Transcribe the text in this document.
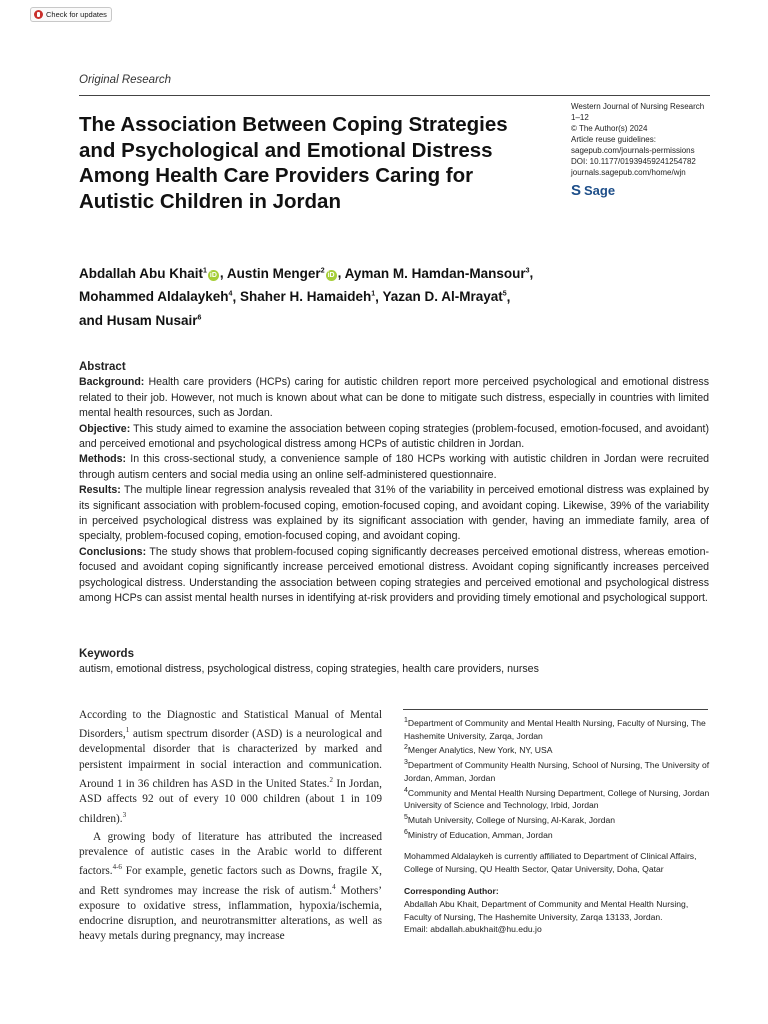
Check for updates
Original Research
The Association Between Coping Strategies and Psychological and Emotional Distress Among Health Care Providers Caring for Autistic Children in Jordan
Western Journal of Nursing Research
1–12
© The Author(s) 2024
Article reuse guidelines:
sagepub.com/journals-permissions
DOI: 10.1177/01939459241254782
journals.sagepub.com/home/wjn
S Sage
Abdallah Abu Khait$^1$iD , Austin Menger$^2$iD , Ayman M. Hamdan-Mansour$^3$,
Mohammed Aldalaykeh$^4$, Shaher H. Hamaideh$^1$, Yazan D. Al-Mrayat$^5$,
and Husam Nusair$^6$
Abstract

Background: Health care providers (HCPs) caring for autistic children report more perceived psychological and emotional distress related to their job. However, not much is known about what can be done to mitigate such distress, especially in countries with limited mental health resources, such as Jordan.

Objective: This study aimed to examine the association between coping strategies (problem-focused, emotion-focused, and avoidant) and perceived emotional and psychological distress among HCPs of autistic children in Jordan.

Methods: In this cross-sectional study, a convenience sample of 180 HCPs working with autistic children in Jordan were recruited through autism centers and social media using an online self-administered questionnaire.

Results: The multiple linear regression analysis revealed that 31% of the variability in perceived emotional distress was explained by its significant association with problem-focused coping, emotion-focused coping, and avoidant coping. Likewise, 39% of the variability in perceived psychological distress was explained by its significant association with gender, having an immediate family, area of specialty, problem-focused coping, emotion-focused coping, and avoidant coping.

Conclusions: The study shows that problem-focused coping significantly decreases perceived emotional distress, whereas emotion-focused and avoidant coping significantly increase perceived emotional distress. Avoidant coping significantly increases perceived psychological distress. Understanding the association between coping strategies and perceived emotional and psychological distress among HCPs can assist mental health nurses in identifying at-risk providers and providing timely emotional and psychological support.

Keywords
autism, emotional distress, psychological distress, coping strategies, health care providers, nurses

According to the Diagnostic and Statistical Manual of Mental Disorders,$^1$ autism spectrum disorder (ASD) is a neurological and developmental disorder that is characterized by marked and persistent impairment in social interaction and communication. Around 1 in 36 children has ASD in the United States.$^2$ In Jordan, ASD affects 92 out of every 10 000 children (about 1 in 109 children).$^3$

A growing body of literature has attributed the increased prevalence of autistic cases in the Arabic world to different factors.$^{4-6}$ For example, genetic factors such as Downs, fragile X, and Rett syndromes may increase the risk of autism.$^4$ Mothers’ exposure to oxidative stress, inflammation, hypoxia/ischemia, endocrine disruption, and neurotransmitter alterations, as well as heavy metals during pregnancy, may increase

$^1$Department of Community and Mental Health Nursing, Faculty of Nursing, The Hashemite University, Zarqa, Jordan

$^2$Menger Analytics, New York, NY, USA

$^3$Department of Community Health Nursing, School of Nursing, The University of Jordan, Amman, Jordan

$^4$Community and Mental Health Nursing Department, College of Nursing, Jordan University of Science and Technology, Irbid, Jordan

$^5$Mutah University, College of Nursing, Al-Karak, Jordan

$^6$Ministry of Education, Amman, Jordan

Mohammed Aldalaykeh is currently affiliated to Department of Clinical Affairs, College of Nursing, QU Health Sector, Qatar University, Doha, Qatar

Corresponding Author:

Abdallah Abu Khait, Department of Community and Mental Health Nursing, Faculty of Nursing, The Hashemite University, Zarqa 13133, Jordan.

Email: abdallah.abukhait@hu.edu.jo
